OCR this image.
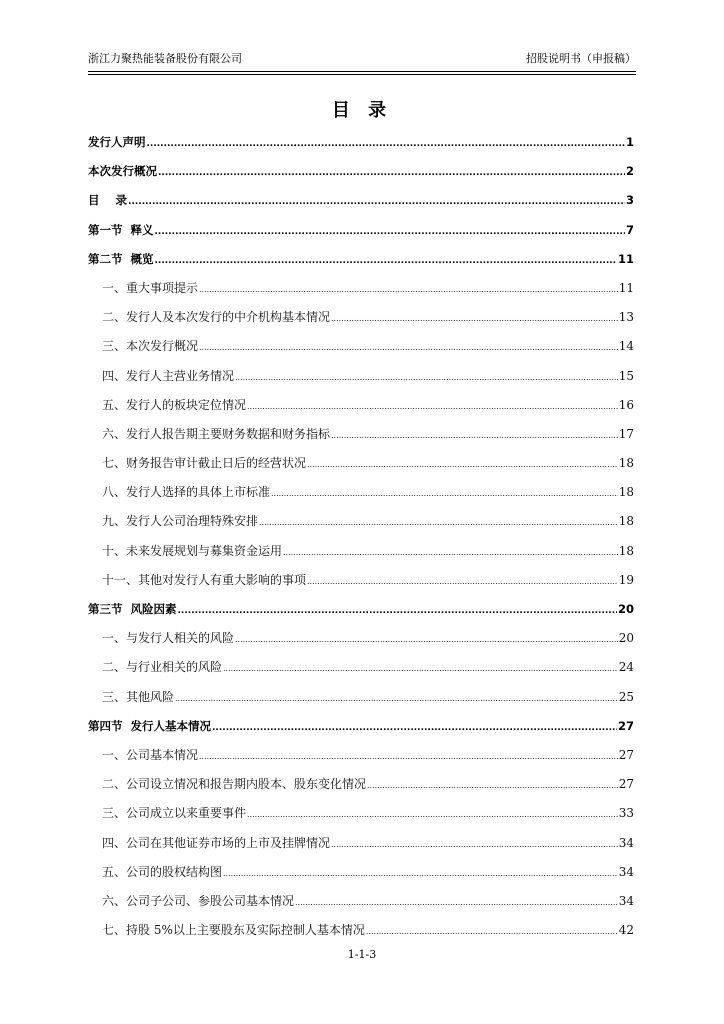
浙江力聚热能装备股份有限公司	招股说明书（申报稿）
目 录
发行人声明 .....	1
本次发行概况 .....	2
目    录 .....	3
第一节  释义 .....	7
第二节  概览 .....	11
一、重大事项提示 .....	11
二、发行人及本次发行的中介机构基本情况 .....	13
三、本次发行概况 .....	14
四、发行人主营业务情况 .....	15
五、发行人的板块定位情况 .....	16
六、发行人报告期主要财务数据和财务指标 .....	17
七、财务报告审计截止日后的经营状况 .....	18
八、发行人选择的具体上市标准 .....	18
九、发行人公司治理特殊安排 .....	18
十、未来发展规划与募集资金运用 .....	18
十一、其他对发行人有重大影响的事项 .....	19
第三节  风险因素 .....	20
一、与发行人相关的风险 .....	20
二、与行业相关的风险 .....	24
三、其他风险 .....	25
第四节  发行人基本情况 .....	27
一、公司基本情况 .....	27
二、公司设立情况和报告期内股本、股东变化情况 .....	27
三、公司成立以来重要事件 .....	33
四、公司在其他证券市场的上市及挂牌情况 .....	34
五、公司的股权结构图 .....	34
六、公司子公司、参股公司基本情况 .....	34
七、持股 5%以上主要股东及实际控制人基本情况 .....	42
1-1-3
